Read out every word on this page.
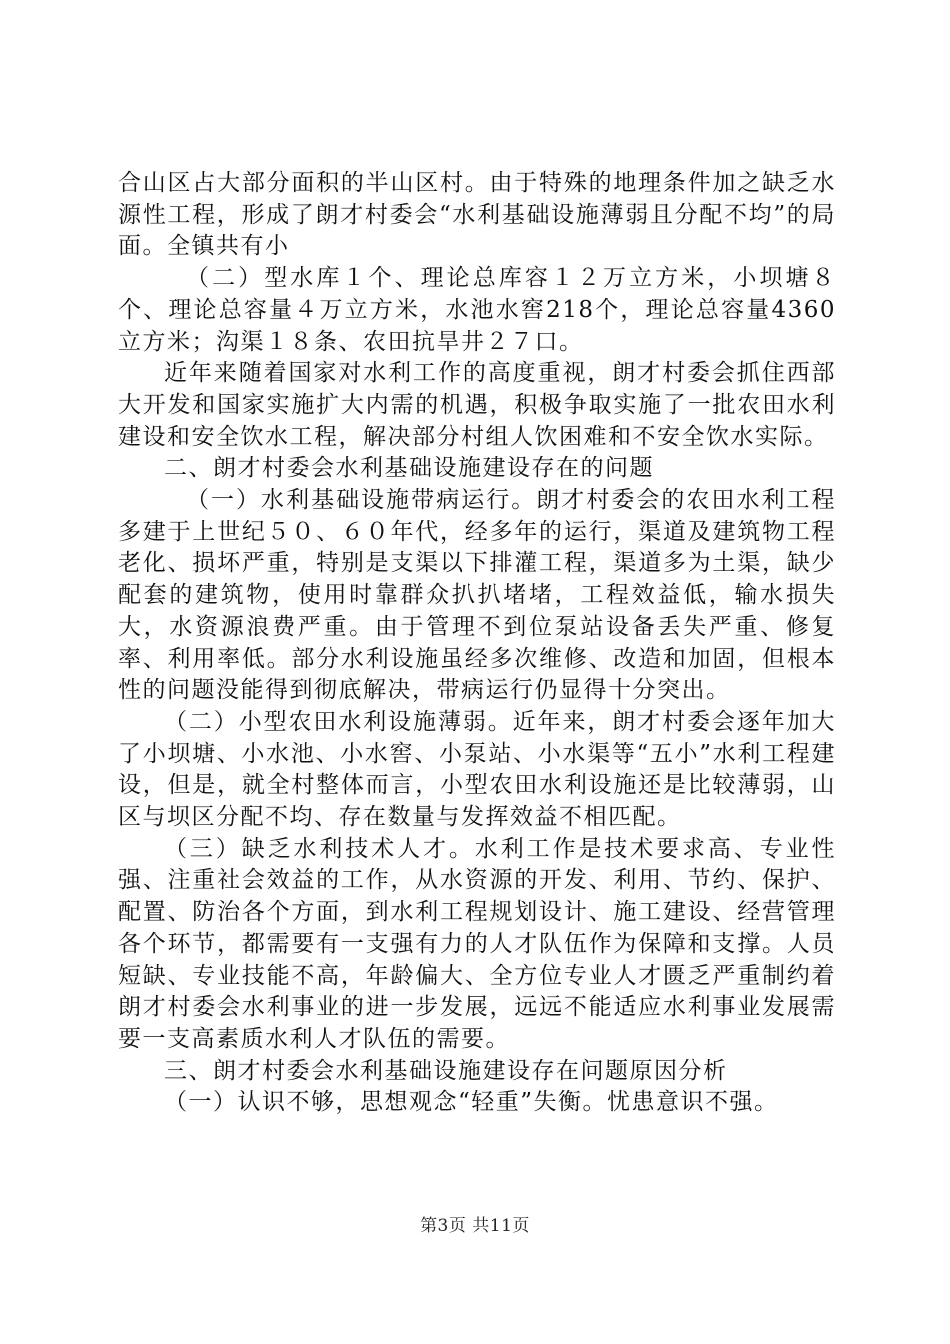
合山区占大部分面积的半山区村。由于特殊的地理条件加之缺乏水源性工程，形成了朗才村委会“水利基础设施薄弱且分配不均”的局面。全镇共有小

（二）型水库１个、理论总库容１２万立方米，小坝塘８个、理论总容量４万立方米，水池水窖218个，理论总容量4360立方米；沟渠１８条、农田抗旱井２７口。

近年来随着国家对水利工作的高度重视，朗才村委会抓住西部大开发和国家实施扩大内需的机遇，积极争取实施了一批农田水利建设和安全饮水工程，解决部分村组人饮困难和不安全饮水实际。

二、朗才村委会水利基础设施建设存在的问题

（一）水利基础设施带病运行。朗才村委会的农田水利工程多建于上世纪５０、６０年代，经多年的运行，渠道及建筑物工程老化、损坏严重，特别是支渠以下排灌工程，渠道多为土渠，缺少配套的建筑物，使用时靠群众扒扒堵堵，工程效益低，输水损失大，水资源浪费严重。由于管理不到位泵站设备丢失严重、修复率、利用率低。部分水利设施虽经多次维修、改造和加固，但根本性的问题没能得到彻底解决，带病运行仍显得十分突出。

（二）小型农田水利设施薄弱。近年来，朗才村委会逐年加大了小坝塘、小水池、小水窖、小泵站、小水渠等“五小”水利工程建设，但是，就全村整体而言，小型农田水利设施还是比较薄弱，山区与坝区分配不均、存在数量与发挥效益不相匹配。

（三）缺乏水利技术人才。水利工作是技术要求高、专业性强、注重社会效益的工作，从水资源的开发、利用、节约、保护、配置、防治各个方面，到水利工程规划设计、施工建设、经营管理各个环节，都需要有一支强有力的人才队伍作为保障和支撑。人员短缺、专业技能不高，年龄偏大、全方位专业人才匮乏严重制约着朗才村委会水利事业的进一步发展，远远不能适应水利事业发展需要一支高素质水利人才队伍的需要。

三、朗才村委会水利基础设施建设存在问题原因分析

（一）认识不够，思想观念“轻重”失衡。忧患意识不强。

第3页 共11页
